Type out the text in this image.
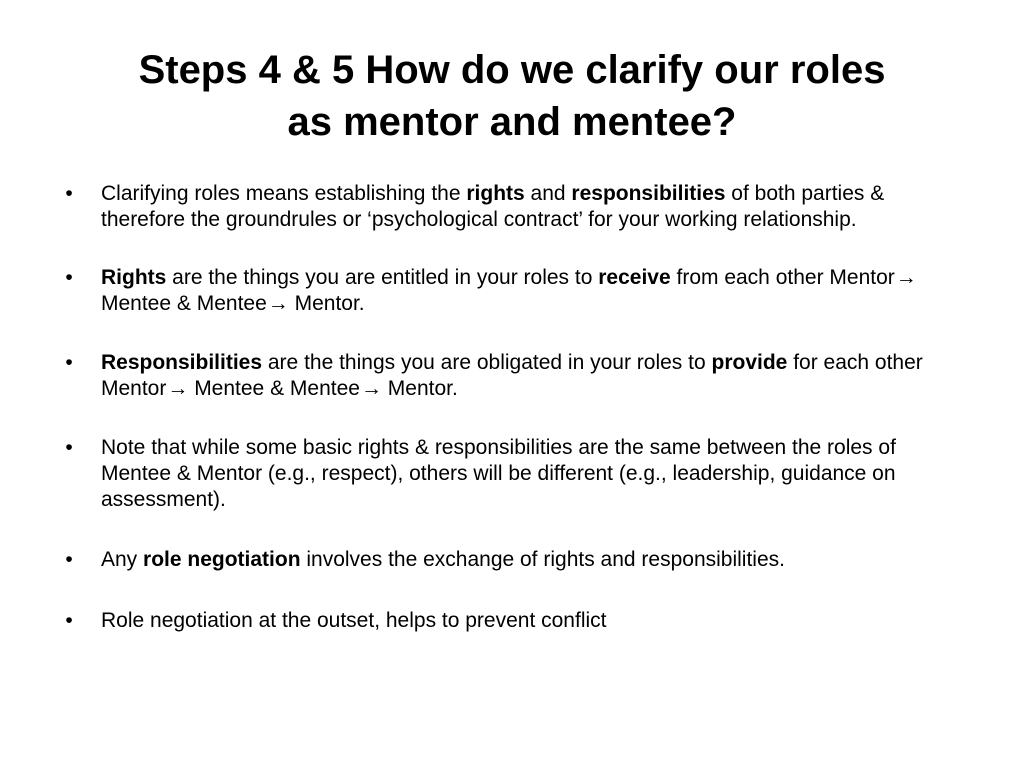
Steps 4 & 5 How do we clarify our roles
as mentor and mentee?
• Clarifying roles means establishing the rights and responsibilities of both parties & therefore the groundrules or ‘psychological contract’ for your working relationship.
• Rights are the things you are entitled in your roles to receive from each other Mentor→ Mentee & Mentee→ Mentor.
• Responsibilities are the things you are obligated in your roles to provide for each other Mentor→ Mentee & Mentee→ Mentor.
• Note that while some basic rights & responsibilities are the same between the roles of Mentee & Mentor (e.g., respect), others will be different (e.g., leadership, guidance on assessment).
• Any role negotiation involves the exchange of rights and responsibilities.
• Role negotiation at the outset, helps to prevent conflict
